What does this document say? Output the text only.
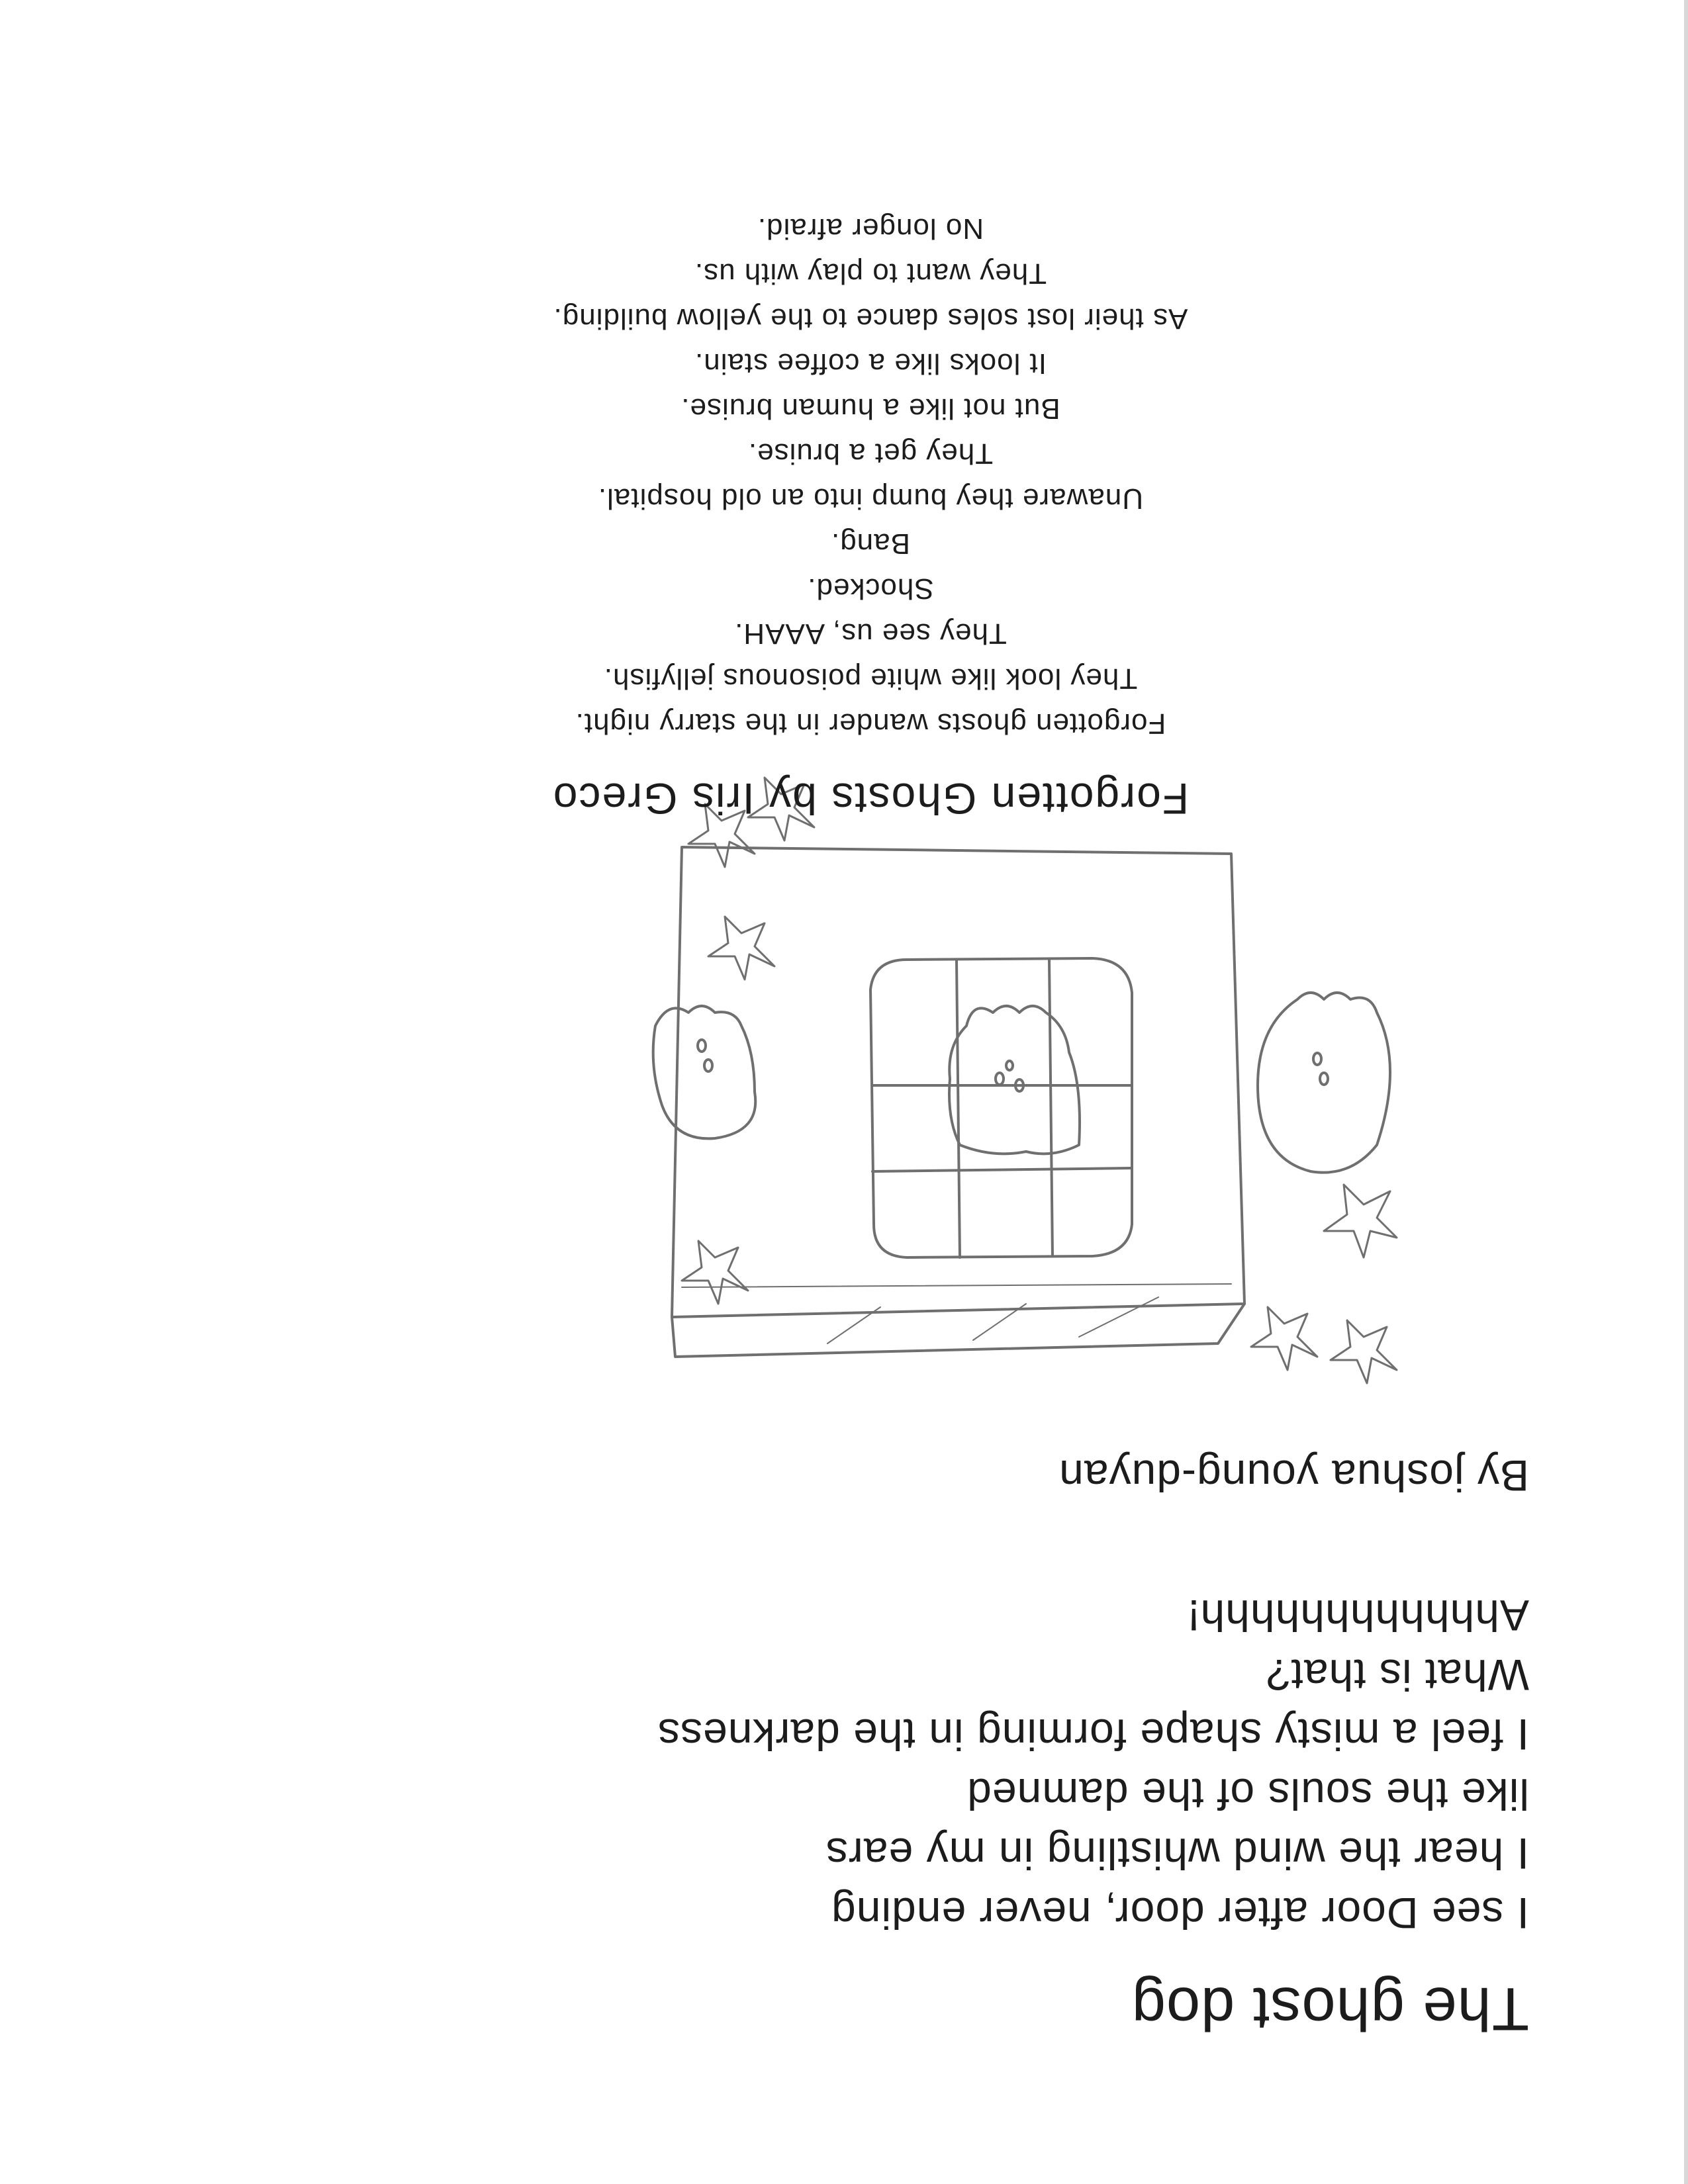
The ghost dog
I see Door after door, never ending
I hear the wind whistling in my ears
like the souls of the damned
I feel a misty shape forming in the darkness
What is that?
Ahhhhhhhhhhhh!
By joshua young-duyan
Forgotten Ghosts by Iris Greco
Forgotten ghosts wander in the starry night.
They look like white poisonous jellyfish.
They see us, AAAH.
Shocked.
Bang.
Unaware they bump into an old hospital.
They get a bruise.
But not like a human bruise.
It looks like a coffee stain.
As their lost soles dance to the yellow building.
They want to play with us.
No longer afraid.
